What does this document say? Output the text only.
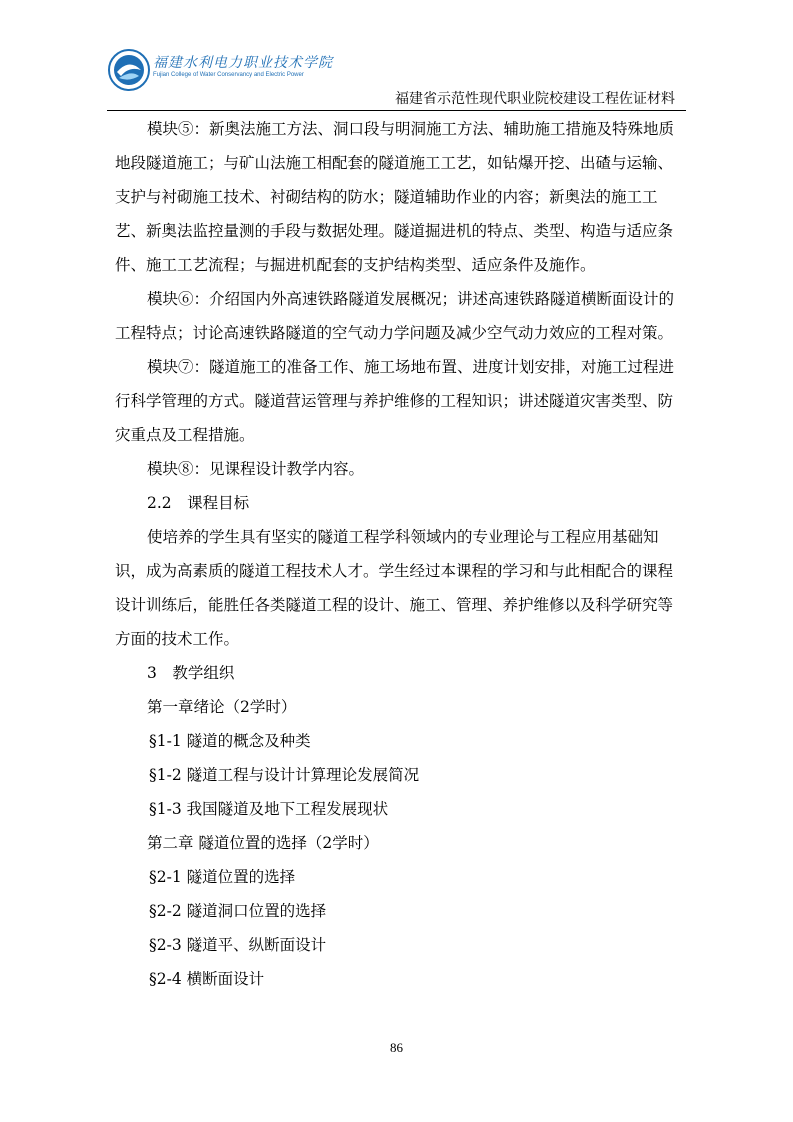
福建水利电力职业技术学院
Fujian College of Water Conservancy and Electric Power
福建省示范性现代职业院校建设工程佐证材料

模块⑤：新奥法施工方法、洞口段与明洞施工方法、辅助施工措施及特殊地质地段隧道施工；与矿山法施工相配套的隧道施工工艺，如钻爆开挖、出碴与运输、支护与衬砌施工技术、衬砌结构的防水；隧道辅助作业的内容；新奥法的施工工艺、新奥法监控量测的手段与数据处理。隧道掘进机的特点、类型、构造与适应条件、施工工艺流程；与掘进机配套的支护结构类型、适应条件及施作。

模块⑥：介绍国内外高速铁路隧道发展概况；讲述高速铁路隧道横断面设计的工程特点；讨论高速铁路隧道的空气动力学问题及减少空气动力效应的工程对策。

模块⑦：隧道施工的准备工作、施工场地布置、进度计划安排，对施工过程进行科学管理的方式。隧道营运管理与养护维修的工程知识；讲述隧道灾害类型、防灾重点及工程措施。

模块⑧：见课程设计教学内容。

2.2　课程目标

使培养的学生具有坚实的隧道工程学科领域内的专业理论与工程应用基础知识，成为高素质的隧道工程技术人才。学生经过本课程的学习和与此相配合的课程设计训练后，能胜任各类隧道工程的设计、施工、管理、养护维修以及科学研究等方面的技术工作。

3　教学组织

第一章绪论（2学时）

§1-1 隧道的概念及种类

§1-2 隧道工程与设计计算理论发展简况

§1-3 我国隧道及地下工程发展现状

第二章 隧道位置的选择（2学时）

§2-1 隧道位置的选择

§2-2 隧道洞口位置的选择

§2-3 隧道平、纵断面设计

§2-4 横断面设计

86
